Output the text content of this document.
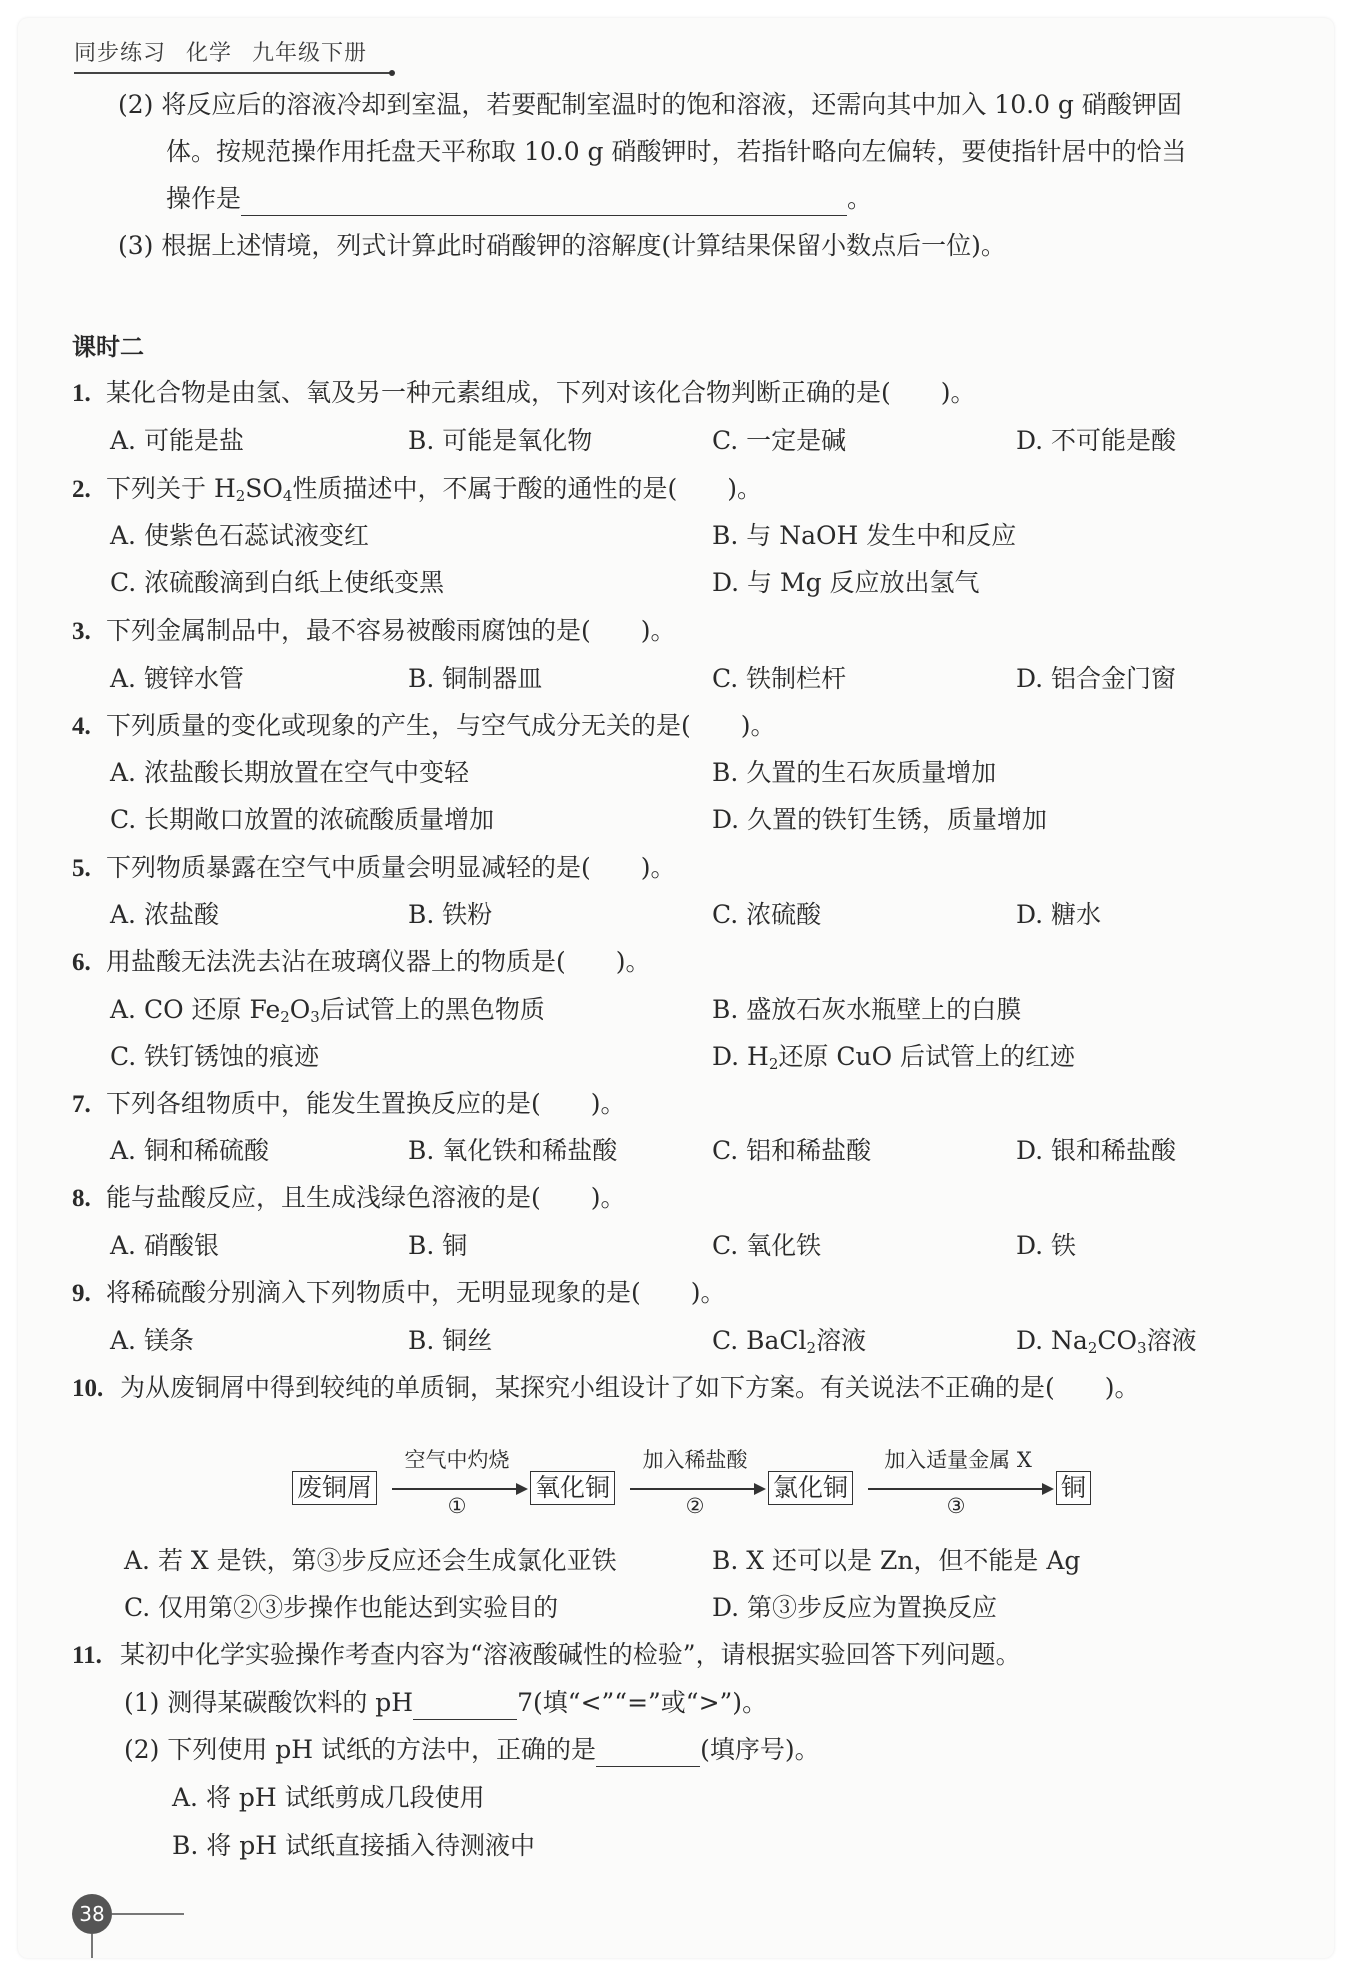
同步练习 化学 九年级下册
(2) 将反应后的溶液冷却到室温，若要配制室温时的饱和溶液，还需向其中加入 10.0 g 硝酸钾固
体。按规范操作用托盘天平称取 10.0 g 硝酸钾时，若指针略向左偏转，要使指针居中的恰当
操作是	。
(3) 根据上述情境，列式计算此时硝酸钾的溶解度(计算结果保留小数点后一位)。
课时二
1. 某化合物是由氢、氧及另一种元素组成，下列对该化合物判断正确的是(　　)。
A. 可能是盐	B. 可能是氧化物	C. 一定是碱	D. 不可能是酸
2. 下列关于 $H_2SO_4$性质描述中，不属于酸的通性的是(　　)。
A. 使紫色石蕊试液变红	B. 与 NaOH 发生中和反应
C. 浓硫酸滴到白纸上使纸变黑	D. 与 Mg 反应放出氢气
3. 下列金属制品中，最不容易被酸雨腐蚀的是(　　)。
A. 镀锌水管	B. 铜制器皿	C. 铁制栏杆	D. 铝合金门窗
4. 下列质量的变化或现象的产生，与空气成分无关的是(　　)。
A. 浓盐酸长期放置在空气中变轻	B. 久置的生石灰质量增加
C. 长期敞口放置的浓硫酸质量增加	D. 久置的铁钉生锈，质量增加
5. 下列物质暴露在空气中质量会明显减轻的是(　　)。
A. 浓盐酸	B. 铁粉	C. 浓硫酸	D. 糖水
6. 用盐酸无法洗去沾在玻璃仪器上的物质是(　　)。
A. CO 还原 $Fe_2O_3$后试管上的黑色物质	B. 盛放石灰水瓶壁上的白膜
C. 铁钉锈蚀的痕迹	D. $H_2$还原 CuO 后试管上的红迹
7. 下列各组物质中，能发生置换反应的是(　　)。
A. 铜和稀硫酸	B. 氧化铁和稀盐酸	C. 铝和稀盐酸	D. 银和稀盐酸
8. 能与盐酸反应，且生成浅绿色溶液的是(　　)。
A. 硝酸银	B. 铜	C. 氧化铁	D. 铁
9. 将稀硫酸分别滴入下列物质中，无明显现象的是(　　)。
A. 镁条	B. 铜丝	C. BaCl$_2$溶液	D. $Na_2CO_3$溶液
10. 为从废铜屑中得到较纯的单质铜，某探究小组设计了如下方案。有关说法不正确的是(　　)。
废铜屑
空气中灼烧
①
氧化铜
加入稀盐酸
②
氯化铜
加入适量金属 X
③
铜
A. 若 X 是铁，第③步反应还会生成氯化亚铁	B. X 还可以是 Zn，但不能是 Ag
C. 仅用第②③步操作也能达到实验目的	D. 第③步反应为置换反应
11. 某初中化学实验操作考查内容为“溶液酸碱性的检验”，请根据实验回答下列问题。
(1) 测得某碳酸饮料的 pH	7(填“<”“=”或“>”)。
(2) 下列使用 pH 试纸的方法中，正确的是	(填序号)。
A. 将 pH 试纸剪成几段使用
B. 将 pH 试纸直接插入待测液中
38
